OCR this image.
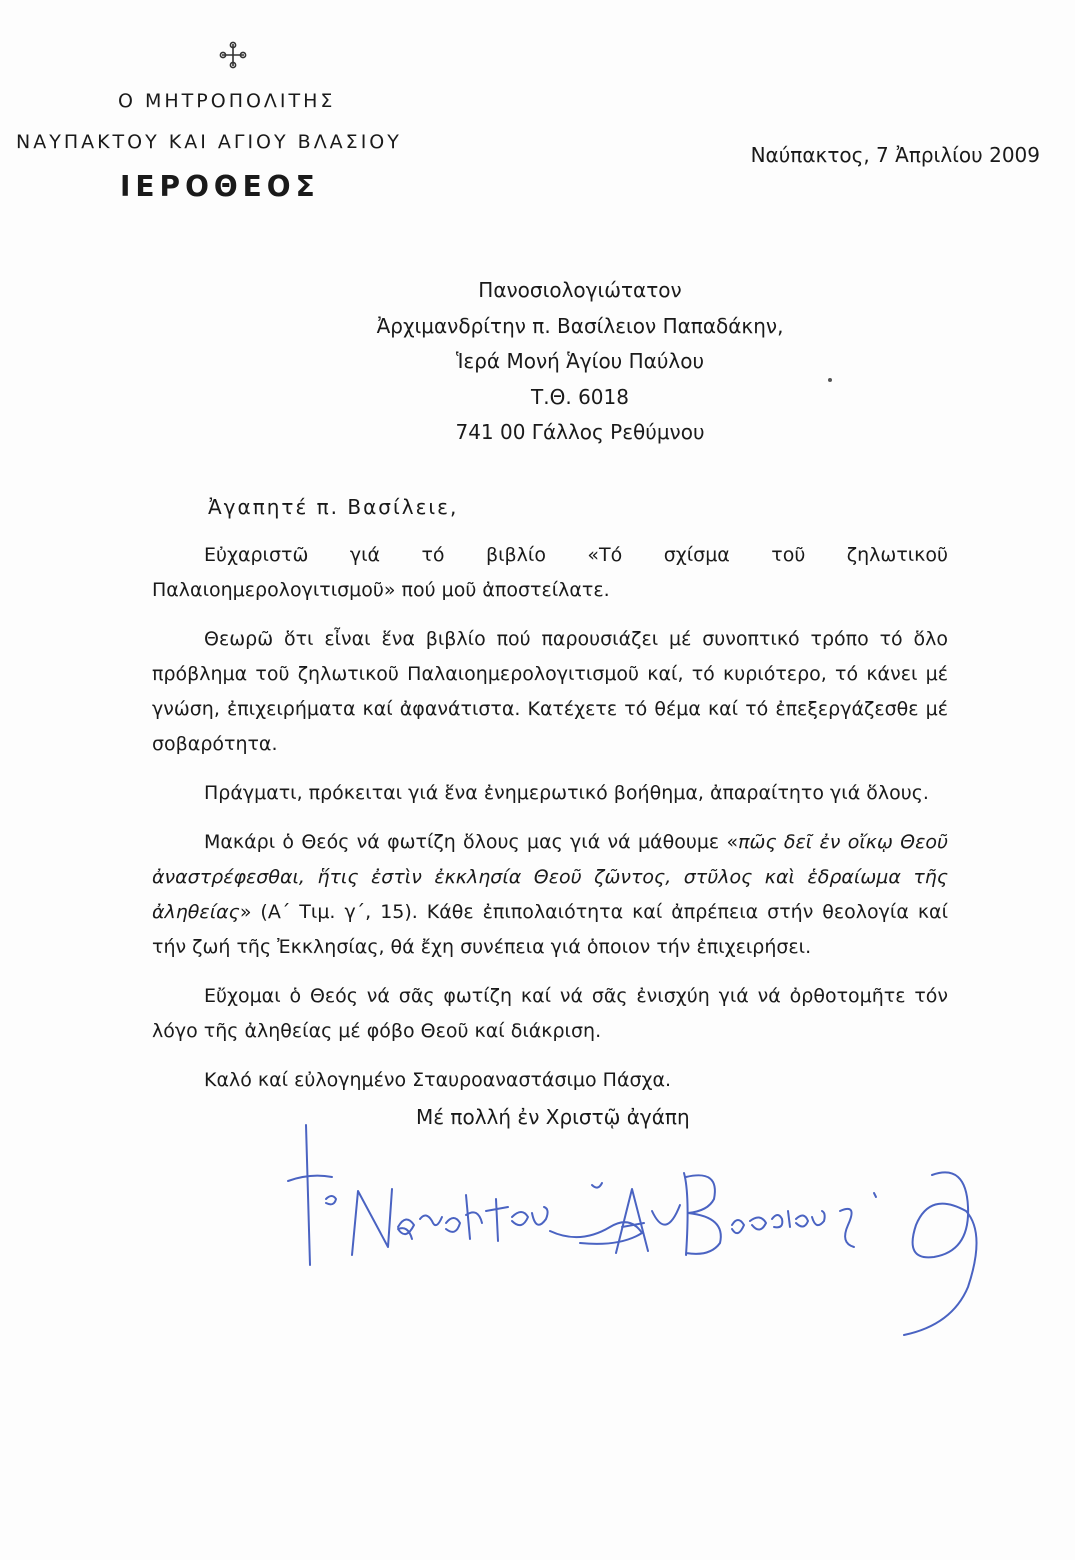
Ο ΜΗΤΡΟΠΟΛΙΤΗΣ
ΝΑΥΠΑΚΤΟΥ ΚΑΙ ΑΓΙΟΥ ΒΛΑΣΙΟΥ
ΙΕΡΟΘΕΟΣ
Ναύπακτος, 7 Ἀπριλίου 2009
Πανοσιολογιώτατον
Ἀρχιμανδρίτην π. Βασίλειον Παπαδάκην,
Ἱερά Μονή Ἁγίου Παύλου
Τ.Θ. 6018
741 00 Γάλλος Ρεθύμνου
Ἀγαπητέ π. Βασίλειε,

Εὐχαριστῶ γιά τό βιβλίο «Τό σχίσμα τοῦ ζηλωτικοῦ Παλαιοημερολογιτισμοῦ» πού μοῦ ἀποστείλατε.

Θεωρῶ ὅτι εἶναι ἕνα βιβλίο πού παρουσιάζει μέ συνοπτικό τρόπο τό ὅλο πρόβλημα τοῦ ζηλωτικοῦ Παλαιοημερολογιτισμοῦ καί, τό κυριότερο, τό κάνει μέ γνώση, ἐπιχειρήματα καί ἀφανάτιστα. Κατέχετε τό θέμα καί τό ἐπεξεργάζεσθε μέ σοβαρότητα.

Πράγματι, πρόκειται γιά ἕνα ἐνημερωτικό βοήθημα, ἀπαραίτητο γιά ὅλους.

Μακάρι ὁ Θεός νά φωτίζη ὅλους μας γιά νά μάθουμε «πῶς δεῖ ἐν οἴκῳ Θεοῦ ἀναστρέφεσθαι, ἥτις ἐστὶν ἐκκλησία Θεοῦ ζῶντος, στῦλος καὶ ἑδραίωμα τῆς ἀληθείας» (Α΄ Τιμ. γ΄, 15). Κάθε ἐπιπολαιότητα καί ἀπρέπεια στήν θεολογία καί τήν ζωή τῆς Ἐκκλησίας, θά ἔχη συνέπεια γιά ὁποιον τήν ἐπιχειρήσει.

Εὔχομαι ὁ Θεός νά σᾶς φωτίζη καί νά σᾶς ἐνισχύη γιά νά ὀρθοτομῆτε τόν λόγο τῆς ἀληθείας μέ φόβο Θεοῦ καί διάκριση.

Καλό καί εὐλογημένο Σταυροαναστάσιμο Πάσχα.

Μέ πολλή ἐν Χριστῷ ἀγάπη
